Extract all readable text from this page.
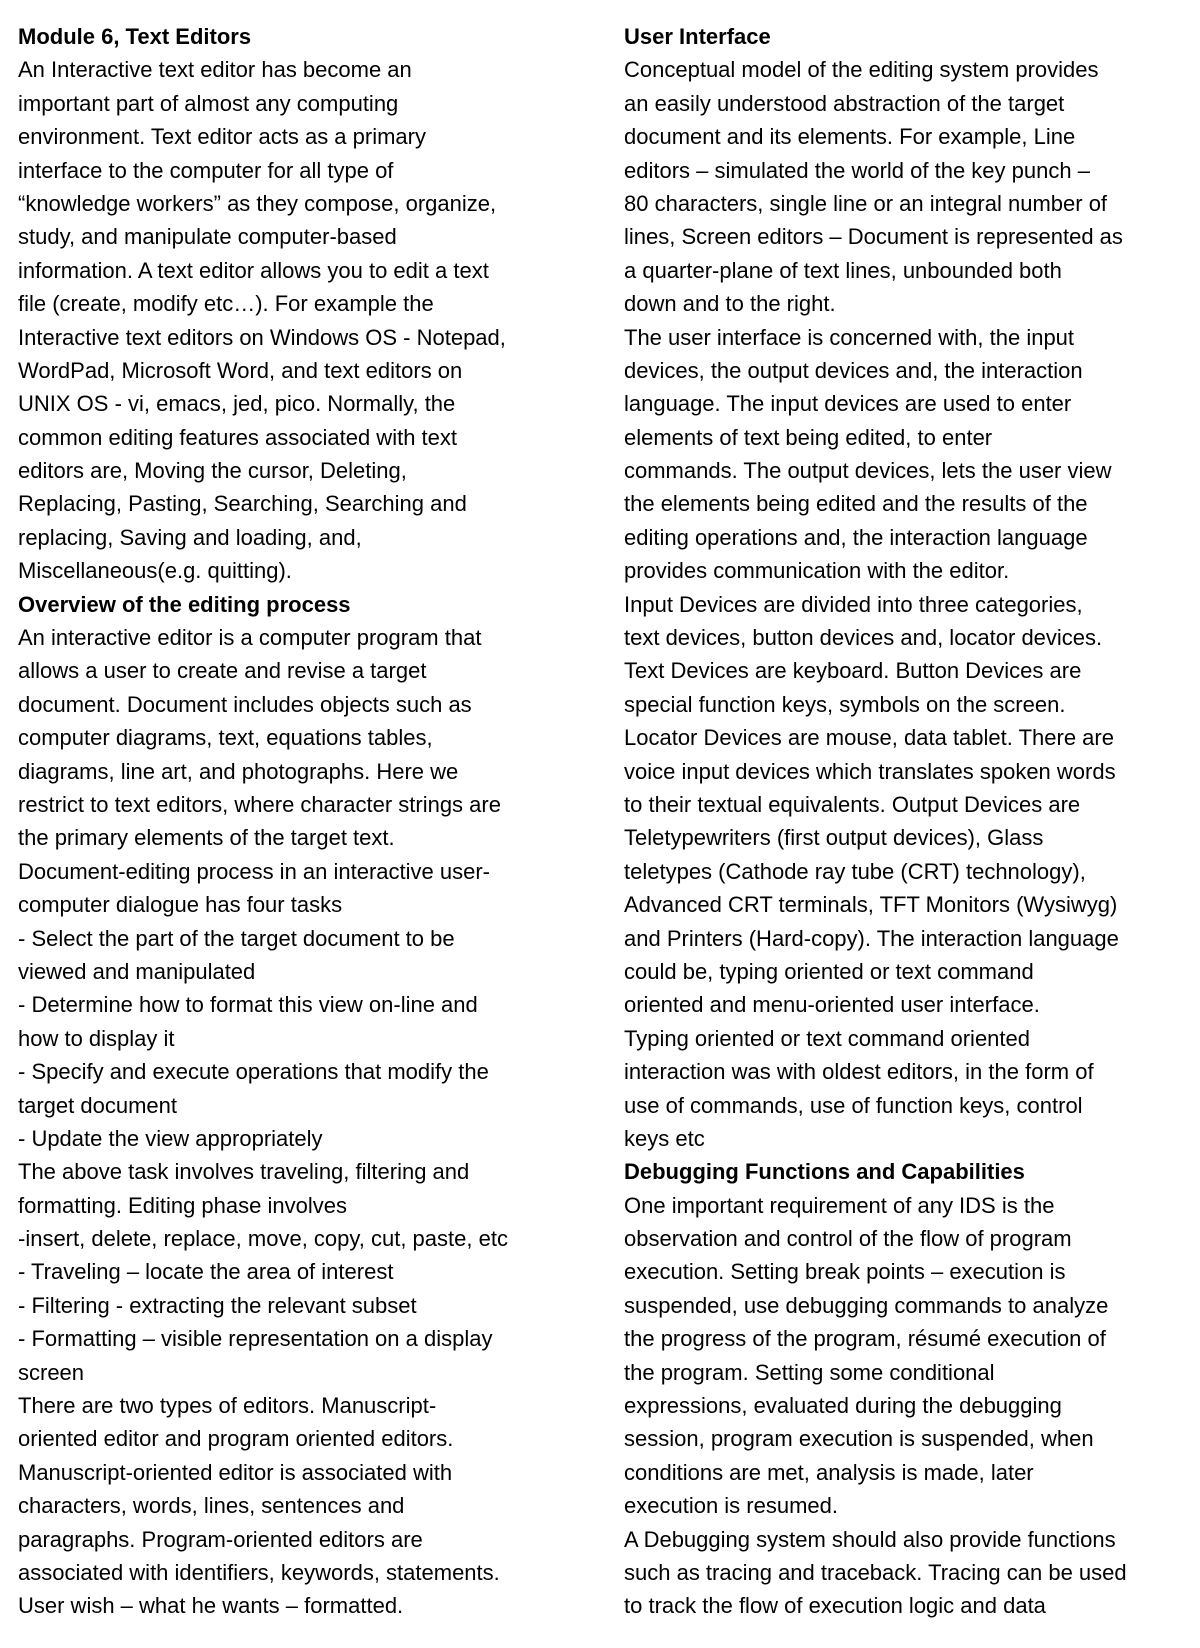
Module 6, Text Editors
An Interactive text editor has become an
important part of almost any computing
environment. Text editor acts as a primary
interface to the computer for all type of
“knowledge workers” as they compose, organize,
study, and manipulate computer-based
information. A text editor allows you to edit a text
file (create, modify etc…). For example the
Interactive text editors on Windows OS - Notepad,
WordPad, Microsoft Word, and text editors on
UNIX OS - vi, emacs, jed, pico. Normally, the
common editing features associated with text
editors are, Moving the cursor, Deleting,
Replacing, Pasting, Searching, Searching and
replacing, Saving and loading, and,
Miscellaneous(e.g. quitting).
Overview of the editing process
An interactive editor is a computer program that
allows a user to create and revise a target
document. Document includes objects such as
computer diagrams, text, equations tables,
diagrams, line art, and photographs. Here we
restrict to text editors, where character strings are
the primary elements of the target text.
Document-editing process in an interactive user-
computer dialogue has four tasks
- Select the part of the target document to be
viewed and manipulated
- Determine how to format this view on-line and
how to display it
- Specify and execute operations that modify the
target document
- Update the view appropriately
The above task involves traveling, filtering and
formatting. Editing phase involves
-insert, delete, replace, move, copy, cut, paste, etc
- Traveling – locate the area of interest
- Filtering - extracting the relevant subset
- Formatting – visible representation on a display
screen
There are two types of editors. Manuscript-
oriented editor and program oriented editors.
Manuscript-oriented editor is associated with
characters, words, lines, sentences and
paragraphs. Program-oriented editors are
associated with identifiers, keywords, statements.
User wish – what he wants – formatted.
User Interface
Conceptual model of the editing system provides
an easily understood abstraction of the target
document and its elements. For example, Line
editors – simulated the world of the key punch –
80 characters, single line or an integral number of
lines, Screen editors – Document is represented as
a quarter-plane of text lines, unbounded both
down and to the right.
The user interface is concerned with, the input
devices, the output devices and, the interaction
language. The input devices are used to enter
elements of text being edited, to enter
commands. The output devices, lets the user view
the elements being edited and the results of the
editing operations and, the interaction language
provides communication with the editor.
Input Devices are divided into three categories,
text devices, button devices and, locator devices.
Text Devices are keyboard. Button Devices are
special function keys, symbols on the screen.
Locator Devices are mouse, data tablet. There are
voice input devices which translates spoken words
to their textual equivalents. Output Devices are
Teletypewriters (first output devices), Glass
teletypes (Cathode ray tube (CRT) technology),
Advanced CRT terminals, TFT Monitors (Wysiwyg)
and Printers (Hard-copy). The interaction language
could be, typing oriented or text command
oriented and menu-oriented user interface.
Typing oriented or text command oriented
interaction was with oldest editors, in the form of
use of commands, use of function keys, control
keys etc
Debugging Functions and Capabilities
One important requirement of any IDS is the
observation and control of the flow of program
execution. Setting break points – execution is
suspended, use debugging commands to analyze
the progress of the program, résumé execution of
the program. Setting some conditional
expressions, evaluated during the debugging
session, program execution is suspended, when
conditions are met, analysis is made, later
execution is resumed.
A Debugging system should also provide functions
such as tracing and traceback. Tracing can be used
to track the flow of execution logic and data
